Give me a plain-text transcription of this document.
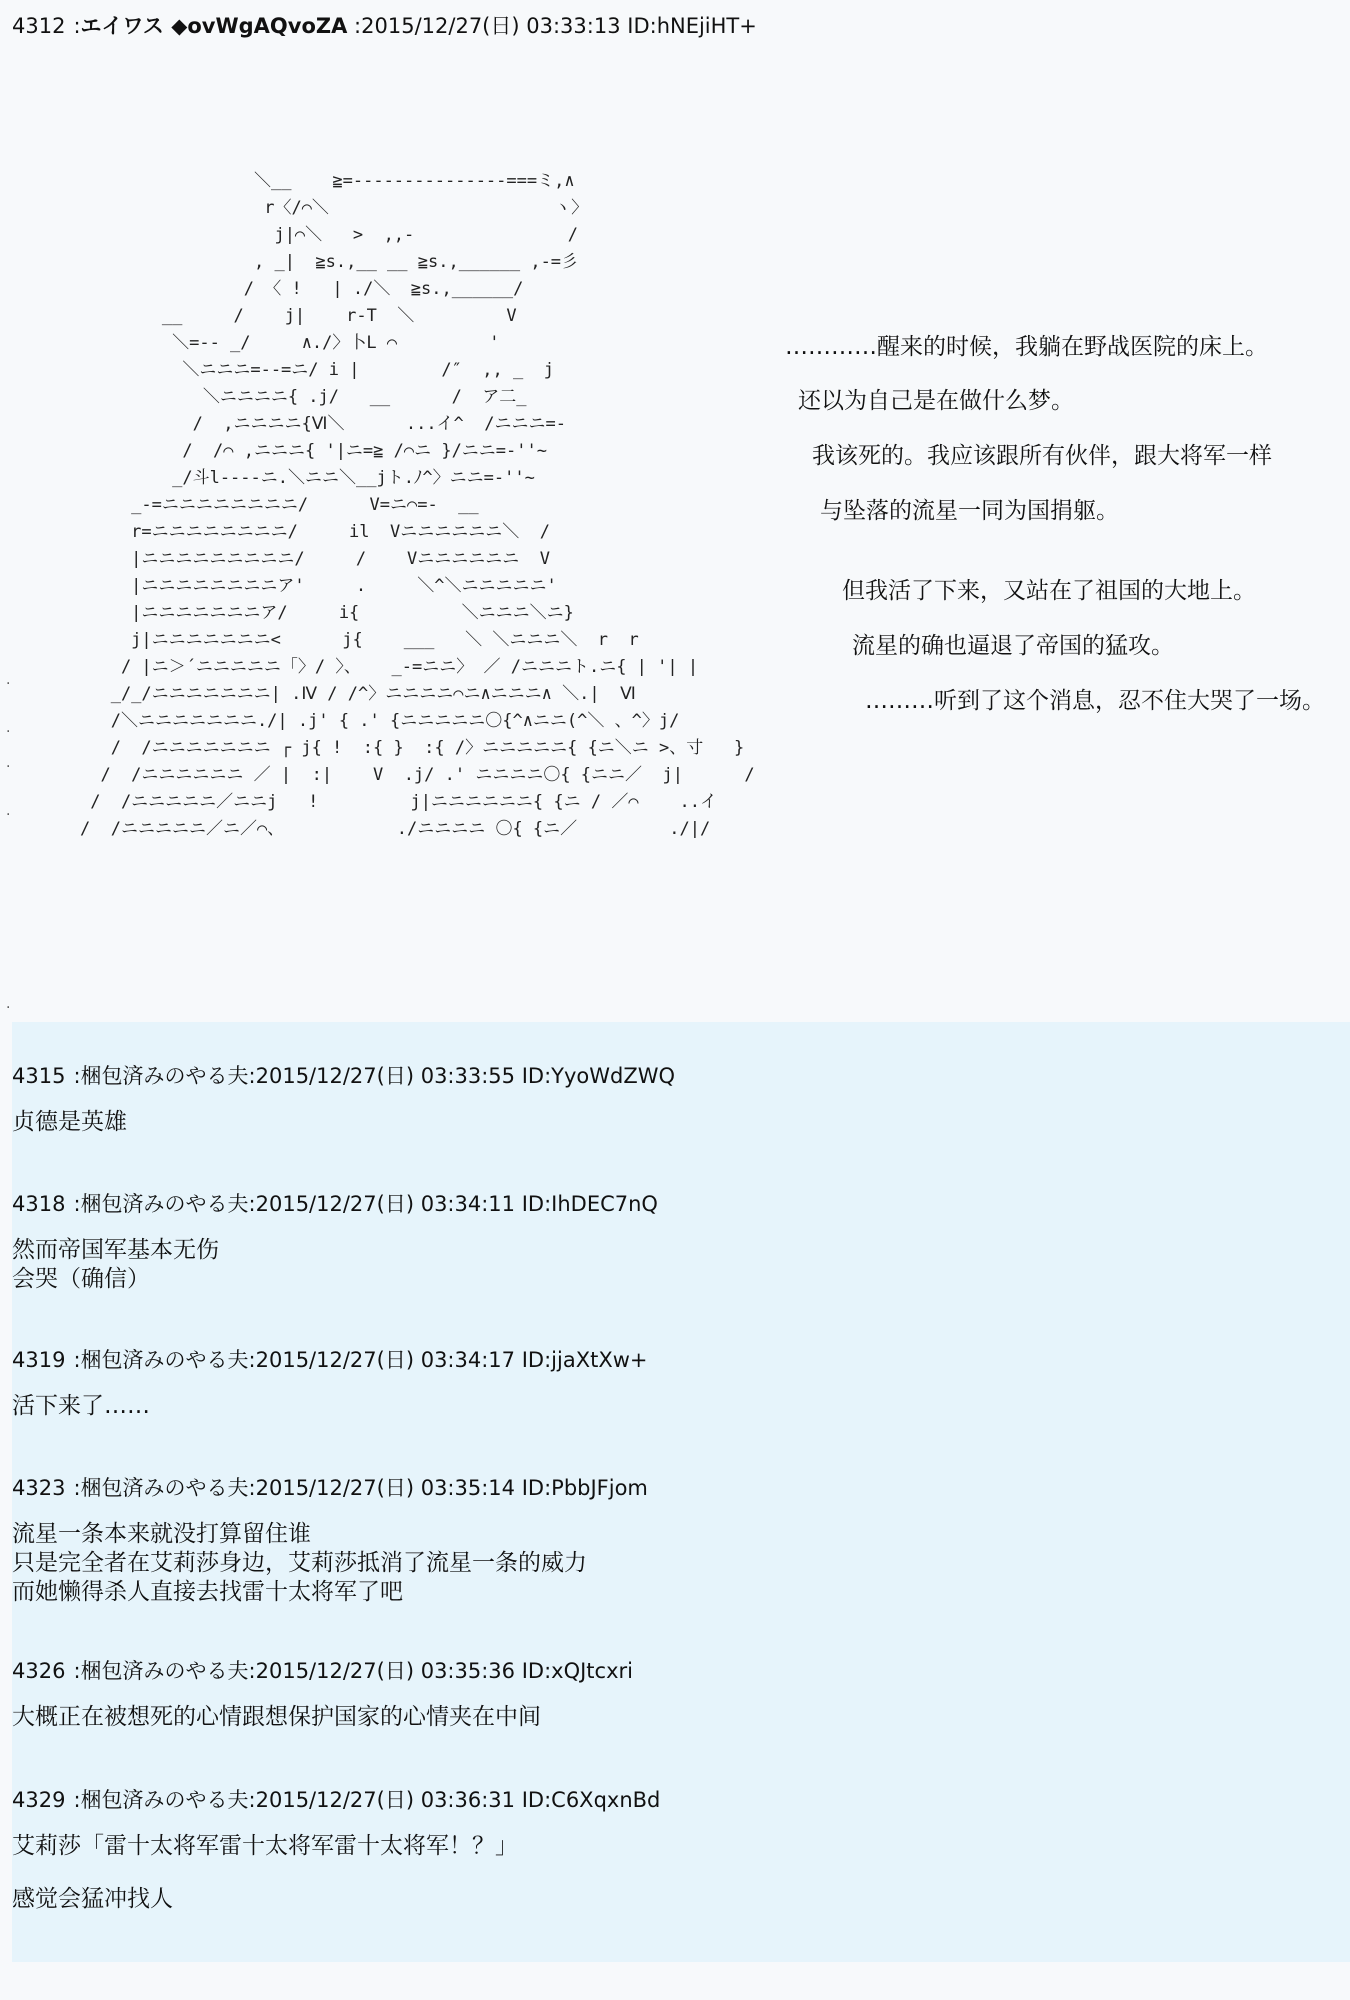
4312 :エイワス ◆ovWgAQvoZA :2015/12/27(日) 03:33:13 ID:hNEjiHT+
＼__    ≧=---------------===ミ,∧
r〈/⌒＼                      ヽ〉
j|⌒＼   >  ,,-               /
, _|  ≧s.,__ __ ≧s.,______ ,-=彡
/ 〈 !   | ./＼  ≧s.,______/
__     /    j|    r-T  ＼         V
＼=-- _/     ∧./〉卜L ⌒         '
＼ニニニ=--=ニ/ i |        /″  ,, _  j
＼ニニニニ{ .j/   __      /  ア二_
/  ,ニニニニ{Ⅵ＼      ...イ^  /ニニニ=-
/  /⌒ ,ニニニ{ '|ニ=≧ /⌒ニ }/ニニ=-''~
_/斗l----ニ.＼ニニ＼__jト.ﾉ^〉ニニ=-''~
_-=ニニニニニニニニ/      V=ニ⌒=-  __
r=ニニニニニニニニ/     il  Vニニニニニニ＼  /
|ニニニニニニニニニ/     /    Vニニニニニニ  V
|ニニニニニニニニア'     .     ＼^＼ニニニニニ'
|ニニニニニニニア/     i{          ＼ニニニ＼ニ}
j|ニニニニニニニ<      j{    ___   ＼ ＼ニニニ＼  r  r
/ |ニ＞´ニニニニニ「〉/ 〉、   _-=ニニ〉 ／ /ニニニト.ニ{ | '| |
_/_/ニニニニニニニ| .Ⅳ / /^〉ニニニニ⌒ニ∧ニニニ∧ ＼.|  Ⅵ
/＼ニニニニニニニ./| .j' { .' {ニニニニニ〇{^∧ニニ(^＼ 、^〉j/
/  /ニニニニニニニ ┌ j{ !  :{ }  :{ /〉ニニニニニ{ {ニ＼ニ >、寸   }
/  /ニニニニニニ ／ |  :|    V  .j/ .' ニニニニ〇{ {ニニ／  j|      /
/  /ニニニニニ／ニニj   !         j|ニニニニニニ{ {ニ / ／⌒    ..イ
/  /ニニニニニ／ニ／⌒、           ./ニニニニ 〇{ {ニ／         ./|/
…………醒来的时候，我躺在野战医院的床上。
还以为自己是在做什么梦。
我该死的。我应该跟所有伙伴，跟大将军一样
与坠落的流星一同为国捐躯。
但我活了下来，又站在了祖国的大地上。
流星的确也逼退了帝国的猛攻。
………听到了这个消息，忍不住大哭了一场。
.
.
.
.
.
4315 :梱包済みのやる夫:2015/12/27(日) 03:33:55 ID:YyoWdZWQ
贞德是英雄
4318 :梱包済みのやる夫:2015/12/27(日) 03:34:11 ID:IhDEC7nQ
然而帝国军基本无伤
会哭（确信）
4319 :梱包済みのやる夫:2015/12/27(日) 03:34:17 ID:jjaXtXw+
活下来了……
4323 :梱包済みのやる夫:2015/12/27(日) 03:35:14 ID:PbbJFjom
流星一条本来就没打算留住谁
只是完全者在艾莉莎身边，艾莉莎抵消了流星一条的威力
而她懒得杀人直接去找雷十太将军了吧
4326 :梱包済みのやる夫:2015/12/27(日) 03:35:36 ID:xQJtcxri
大概正在被想死的心情跟想保护国家的心情夹在中间
4329 :梱包済みのやる夫:2015/12/27(日) 03:36:31 ID:C6XqxnBd
艾莉莎「雷十太将军雷十太将军雷十太将军！？」
感觉会猛冲找人
